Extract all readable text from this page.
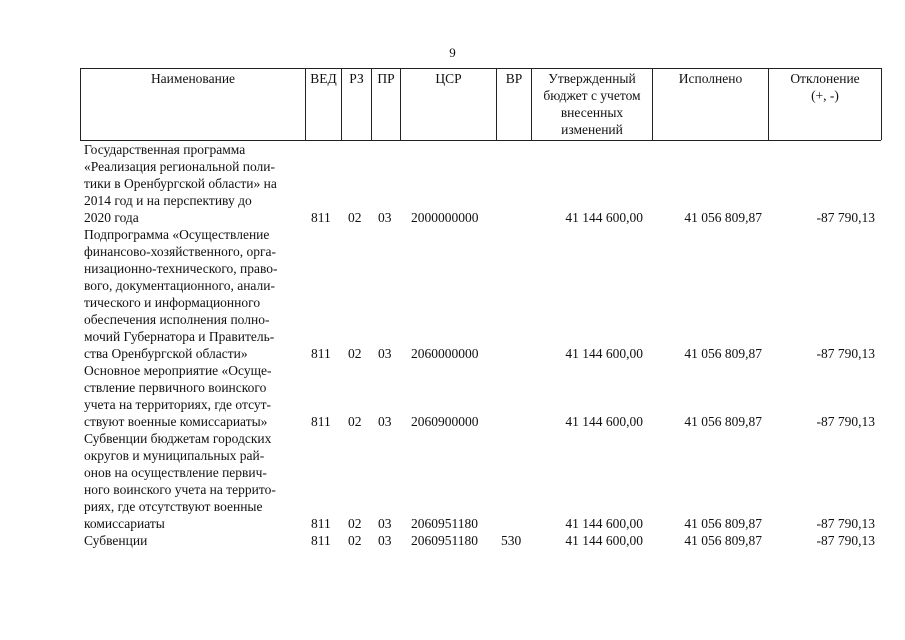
9
Наименование	ВЕД РЗ	ПР	ЦСР	ВР	Утвержденный
бюджет с учетом
внесенных
изменений
Исполнено	Отклонение
(+, -)
Государственная программа
«Реализация региональной поли-
тики в Оренбургской области» на
2014 год и на перспективу до
2020 года	811 02 03 2000000000	41 144 600,00	41 056 809,87	-87 790,13
Подпрограмма «Осуществление
финансово-хозяйственного, орга-
низационно-технического, право-
вого, документационного, анали-
тического и информационного
обеспечения исполнения полно-
мочий Губернатора и Правитель-
ства Оренбургской области»	811 02 03 2060000000	41 144 600,00	41 056 809,87	-87 790,13
Основное мероприятие «Осуще-
ствление первичного воинского
учета на территориях, где отсут-
ствуют военные комиссариаты»	811 02 03 2060900000	41 144 600,00	41 056 809,87	-87 790,13
Субвенции бюджетам городских
округов и муниципальных рай-
онов на осуществление первич-
ного воинского учета на террито-
риях, где отсутствуют военные
комиссариаты	811 02 03 2060951180	41 144 600,00	41 056 809,87	-87 790,13
Субвенции	811 02 03 2060951180 530	41 144 600,00	41 056 809,87	-87 790,13
